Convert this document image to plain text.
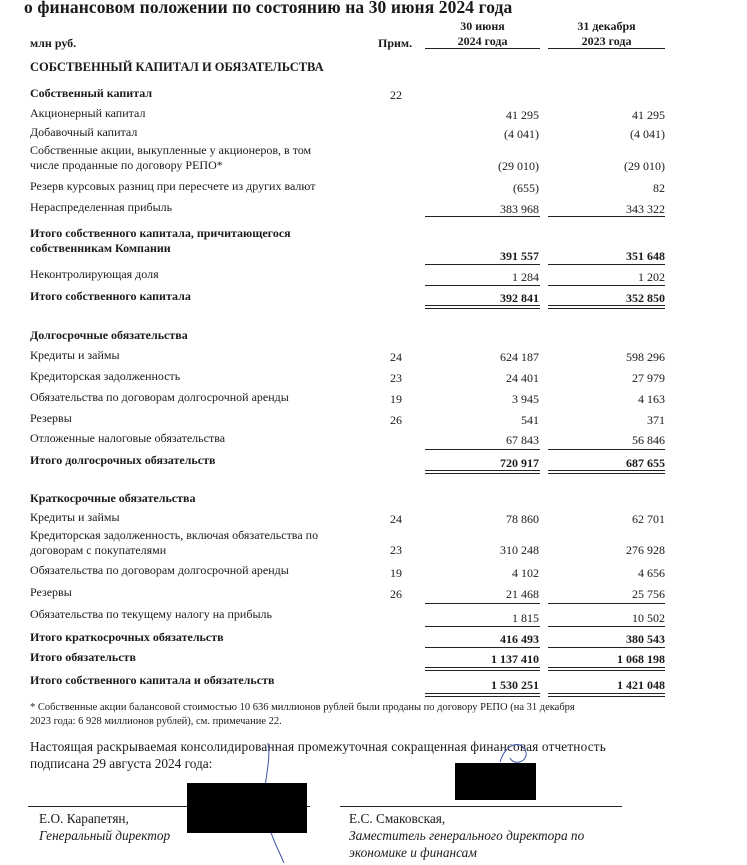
о финансовом положении по состоянию на 30 июня 2024 года
млн руб.	Прим.
30 июня
2024 года
31 декабря
2023 года
СОБСТВЕННЫЙ КАПИТАЛ И ОБЯЗАТЕЛЬСТВА
Собственный капитал	22
Акционерный капитал	41 295	41 295
Добавочный капитал	(4 041)	(4 041)
Собственные акции, выкупленные у акционеров, в том
числе проданные по договору РЕПО*	(29 010)	(29 010)
Резерв курсовых разниц при пересчете из других валют	(655)	82
Нераспределенная прибыль	383 968	343 322
Итого собственного капитала, причитающегося
собственникам Компании
391 557	351 648
Неконтролирующая доля	1 284	1 202
Итого собственного капитала	392 841	352 850
Долгосрочные обязательства
Кредиты и займы	24	624 187	598 296
Кредиторская задолженность	23	24 401	27 979
Обязательства по договорам долгосрочной аренды	19	3 945	4 163
Резервы	26	541	371
Отложенные налоговые обязательства	67 843	56 846
Итого долгосрочных обязательств	720 917	687 655
Краткосрочные обязательства
Кредиты и займы	24	78 860	62 701
Кредиторская задолженность, включая обязательства по
договорам с покупателями	23	310 248	276 928
Обязательства по договорам долгосрочной аренды	19	4 102	4 656
Резервы	26	21 468	25 756
Обязательства по текущему налогу на прибыль	1 815	10 502
Итого краткосрочных обязательств	416 493	380 543
Итого обязательств	1 137 410	1 068 198
Итого собственного капитала и обязательств	1 530 251	1 421 048
* Собственные акции балансовой стоимостью 10 636 миллионов рублей были проданы по договору РЕПО (на 31 декабря
2023 года: 6 928 миллионов рублей), см. примечание 22.
Настоящая раскрываемая консолидированная промежуточная сокращенная финансовая отчетность
подписана 29 августа 2024 года:
Е.О. Карапетян,
Генеральный директор
Е.С. Смаковская,
Заместитель генерального директора по
экономике и финансам
